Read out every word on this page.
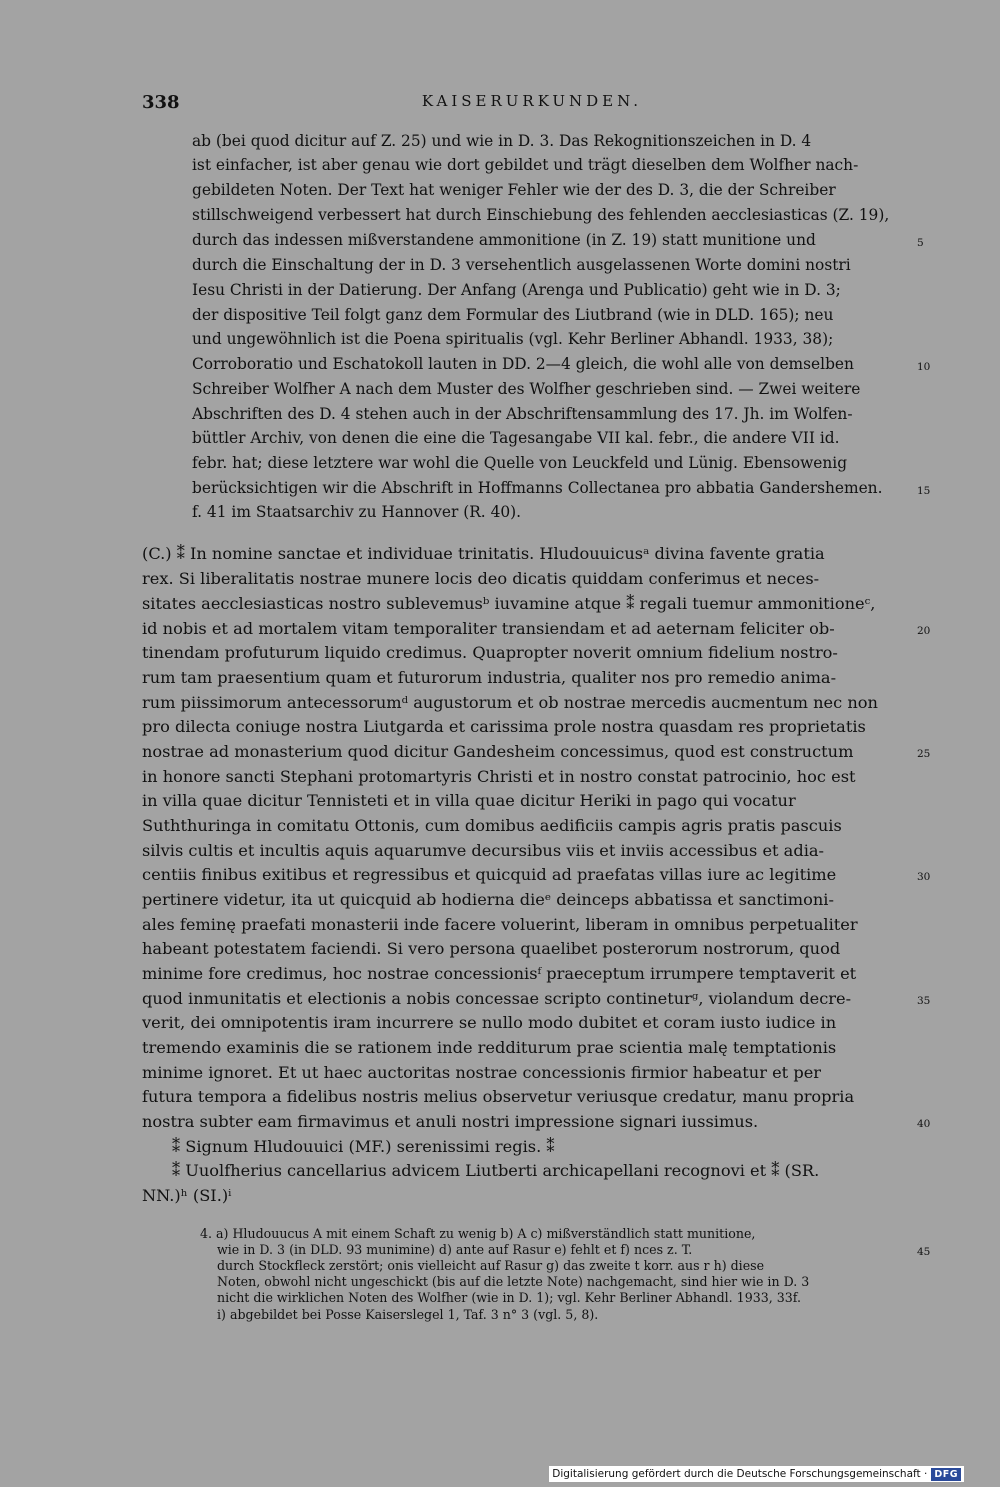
338	KAISERURKUNDEN.
ab (bei quod dicitur auf Z. 25) und wie in D. 3. Das Rekognitionszeichen in D. 4
ist einfacher, ist aber genau wie dort gebildet und trägt dieselben dem Wolfher nach-
gebildeten Noten. Der Text hat weniger Fehler wie der des D. 3, die der Schreiber
stillschweigend verbessert hat durch Einschiebung des fehlenden aecclesiasticas (Z. 19),
durch das indessen mißverstandene ammonitione (in Z. 19) statt munitione und
durch die Einschaltung der in D. 3 versehentlich ausgelassenen Worte domini nostri
Iesu Christi in der Datierung. Der Anfang (Arenga und Publicatio) geht wie in D. 3;
der dispositive Teil folgt ganz dem Formular des Liutbrand (wie in DLD. 165); neu
und ungewöhnlich ist die Poena spiritualis (vgl. Kehr Berliner Abhandl. 1933, 38);
Corroboratio und Eschatokoll lauten in DD. 2—4 gleich, die wohl alle von demselben
Schreiber Wolfher A nach dem Muster des Wolfher geschrieben sind. — Zwei weitere
Abschriften des D. 4 stehen auch in der Abschriftensammlung des 17. Jh. im Wolfen-
büttler Archiv, von denen die eine die Tagesangabe VII kal. febr., die andere VII id.
febr. hat; diese letztere war wohl die Quelle von Leuckfeld und Lünig. Ebensowenig
berücksichtigen wir die Abschrift in Hoffmanns Collectanea pro abbatia Gandershemen.
f. 41 im Staatsarchiv zu Hannover (R. 40).
(C.) ⁑ In nomine sanctae et individuae trinitatis. Hludouuicusᵃ divina favente gratia
rex. Si liberalitatis nostrae munere locis deo dicatis quiddam conferimus et neces-
sitates aecclesiasticas nostro sublevemusᵇ iuvamine atque ⁑ regali tuemur ammonitioneᶜ,
id nobis et ad mortalem vitam temporaliter transiendam et ad aeternam feliciter ob-
tinendam profuturum liquido credimus. Quapropter noverit omnium fidelium nostro-
rum tam praesentium quam et futurorum industria, qualiter nos pro remedio anima-
rum piissimorum antecessorumᵈ augustorum et ob nostrae mercedis aucmentum nec non
pro dilecta coniuge nostra Liutgarda et carissima prole nostra quasdam res proprietatis
nostrae ad monasterium quod dicitur Gandesheim concessimus, quod est constructum
in honore sancti Stephani protomartyris Christi et in nostro constat patrocinio, hoc est
in villa quae dicitur Tennisteti et in villa quae dicitur Heriki in pago qui vocatur
Suththuringa in comitatu Ottonis, cum domibus aedificiis campis agris pratis pascuis
silvis cultis et incultis aquis aquarumve decursibus viis et inviis accessibus et adia-
centiis finibus exitibus et regressibus et quicquid ad praefatas villas iure ac legitime
pertinere videtur, ita ut quicquid ab hodierna dieᵉ deinceps abbatissa et sanctimoni-
ales feminę praefati monasterii inde facere voluerint, liberam in omnibus perpetualiter
habeant potestatem faciendi. Si vero persona quaelibet posterorum nostrorum, quod
minime fore credimus, hoc nostrae concessionisᶠ praeceptum irrumpere temptaverit et
quod inmunitatis et electionis a nobis concessae scripto contineturᵍ, violandum decre-
verit, dei omnipotentis iram incurrere se nullo modo dubitet et coram iusto iudice in
tremendo examinis die se rationem inde redditurum prae scientia malę temptationis
minime ignoret. Et ut haec auctoritas nostrae concessionis firmior habeatur et per
futura tempora a fidelibus nostris melius observetur veriusque credatur, manu propria
nostra subter eam firmavimus et anuli nostri impressione signari iussimus.
⁑ Signum Hludouuici (MF.) serenissimi regis. ⁑
⁑ Uuolfherius cancellarius advicem Liutberti archicapellani recognovi et ⁑ (SR.
NN.)ʰ (SI.)ⁱ
4. a) Hludouucus A mit einem Schaft zu wenig b) A c) mißverständlich statt munitione,
wie in D. 3 (in DLD. 93 munimine) d) ante auf Rasur e) fehlt et f) nces z. T.
durch Stockfleck zerstört; onis vielleicht auf Rasur g) das zweite t korr. aus r h) diese
Noten, obwohl nicht ungeschickt (bis auf die letzte Note) nachgemacht, sind hier wie in D. 3
nicht die wirklichen Noten des Wolfher (wie in D. 1); vgl. Kehr Berliner Abhandl. 1933, 33f.
i) abgebildet bei Posse Kaiserslegel 1, Taf. 3 n° 3 (vgl. 5, 8).
5
10
15
20
25
30
35
40
45
Digitalisierung gefördert durch die Deutsche Forschungsgemeinschaft · DFG
